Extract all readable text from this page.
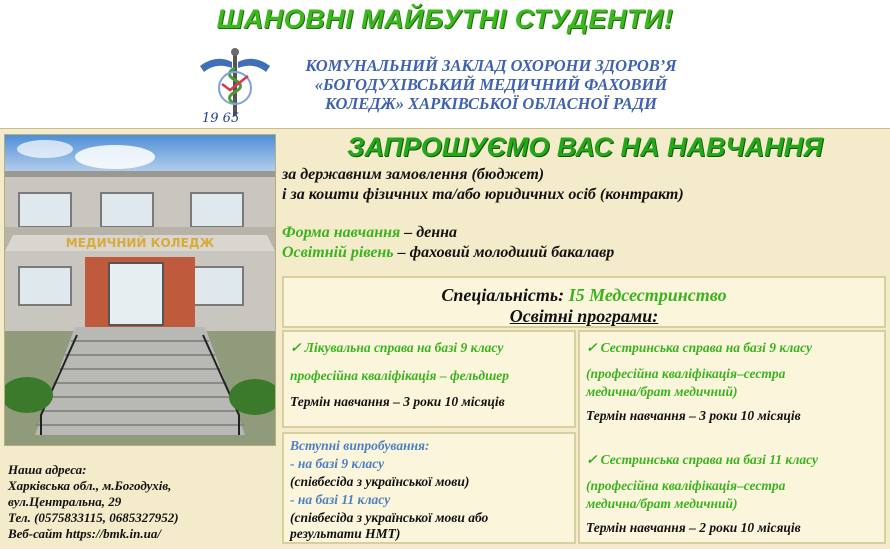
ШАНОВНІ МАЙБУТНІ СТУДЕНТИ!
19 65
КОМУНАЛЬНИЙ ЗАКЛАД ОХОРОНИ ЗДОРОВ’Я
«БОГОДУХІВСЬКИЙ МЕДИЧНИЙ ФАХОВИЙ
КОЛЕДЖ» ХАРКІВСЬКОЇ ОБЛАСНОЇ РАДИ
МЕДИЧНИЙ КОЛЕДЖ
ЗАПРОШУЄМО ВАС НА НАВЧАННЯ
за державним замовлення (бюджет)
і за кошти фізичних та/або юридичних осіб (контракт)
Форма навчання – денна
Освітній рівень – фаховий молодший бакалавр
Спеціальність: I5 Медсестринство
Освітні програми:
✓ Лікувальна справа на базі 9 класу
професійна кваліфікація – фельдшер
Термін навчання – 3 роки 10 місяців
Вступні випробування:
- на базі 9 класу
(співбесіда з української мови)
- на базі 11 класу
(співбесіда з української мови або
результати НМТ)
✓ Сестринська справа на базі 9 класу
(професійна кваліфікація–сестра
медична/брат медичний)
Термін навчання – 3 роки 10 місяців
✓ Сестринська справа на базі 11 класу
(професійна кваліфікація–сестра
медична/брат медичний)
Термін навчання – 2 роки 10 місяців
Наша адреса:
Харківська обл., м.Богодухів,
вул.Центральна, 29
Тел. (0575833115, 0685327952)
Веб-сайт https://bmk.in.ua/
